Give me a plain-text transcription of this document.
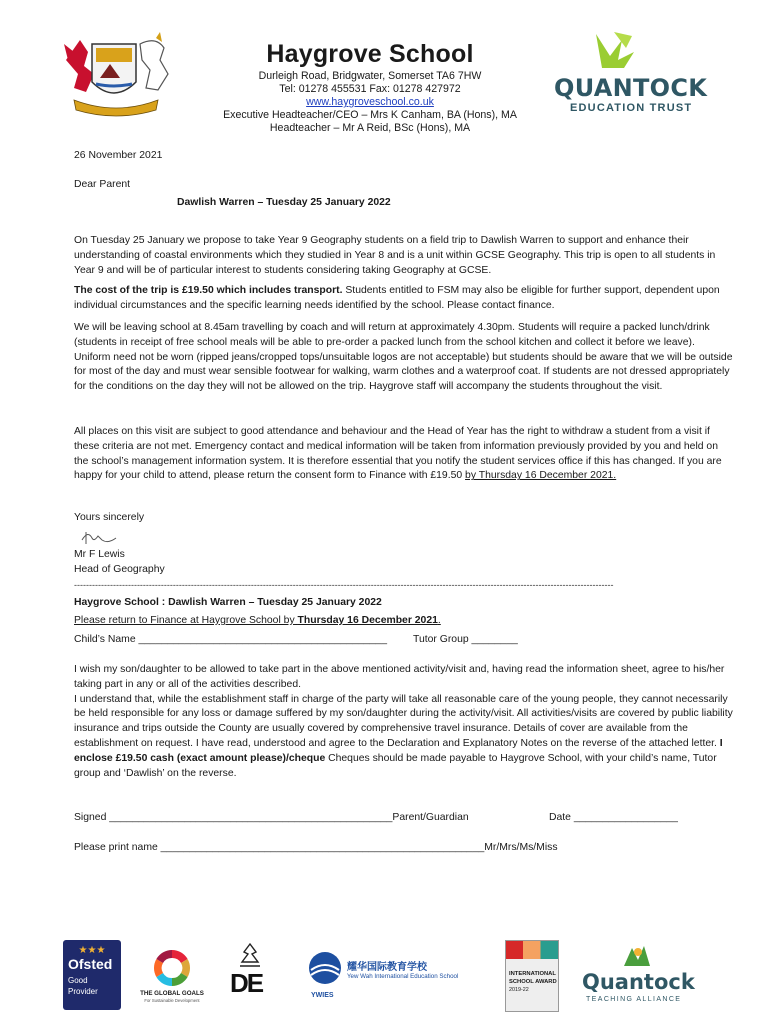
Haygrove School
Durleigh Road, Bridgwater, Somerset TA6 7HW
Tel: 01278 455531 Fax: 01278 427972
www.haygroveschool.co.uk
Executive Headteacher/CEO – Mrs K Canham, BA (Hons), MA
Headteacher – Mr A Reid, BSc (Hons), MA
QUANTOCK
EDUCATION TRUST
26 November 2021
Dear Parent
Dawlish Warren – Tuesday 25 January 2022

On Tuesday 25 January we propose to take Year 9 Geography students on a field trip to Dawlish Warren to support and enhance their understanding of coastal environments which they studied in Year 8 and is a unit within GCSE Geography. This trip is open to all students in Year 9 and will be of particular interest to students considering taking Geography at GCSE.

The cost of the trip is £19.50 which includes transport. Students entitled to FSM may also be eligible for further support, dependent upon individual circumstances and the specific learning needs identified by the school. Please contact finance.

We will be leaving school at 8.45am travelling by coach and will return at approximately 4.30pm. Students will require a packed lunch/drink (students in receipt of free school meals will be able to pre-order a packed lunch from the school kitchen and collect it before we leave). Uniform need not be worn (ripped jeans/cropped tops/unsuitable logos are not acceptable) but students should be aware that we will be outside for most of the day and must wear sensible footwear for walking, warm clothes and a waterproof coat. If students are not dressed appropriately for the conditions on the day they will not be allowed on the trip. Haygrove staff will accompany the students throughout the visit.

All places on this visit are subject to good attendance and behaviour and the Head of Year has the right to withdraw a student from a visit if these criteria are not met. Emergency contact and medical information will be taken from information previously provided by you and held on the school’s management information system. It is therefore essential that you notify the student services office if this has changed. If you are happy for your child to attend, please return the consent form to Finance with £19.50 by Thursday 16 December 2021.

Yours sincerely
Mr F Lewis
Head of Geography
------------------------------------------------------------------------------------------------------------------------------------------------------------------------------------
Haygrove School : Dawlish Warren – Tuesday 25 January 2022
Please return to Finance at Haygrove School by Thursday 16 December 2021.
Child’s Name ___________________________________________	Tutor Group ________

I wish my son/daughter to be allowed to take part in the above mentioned activity/visit and, having read the information sheet, agree to his/her taking part in any or all of the activities described.

I understand that, while the establishment staff in charge of the party will take all reasonable care of the young people, they cannot necessarily be held responsible for any loss or damage suffered by my son/daughter during the activity/visit. All activities/visits are covered by public liability insurance and trips outside the County are usually covered by comprehensive travel insurance. Details of cover are available from the establishment on request. I have read, understood and agree to the Declaration and Explanatory Notes on the reverse of the attached letter. I enclose £19.50 cash (exact amount please)/cheque Cheques should be made payable to Haygrove School, with your child’s name, Tutor group and ‘Dawlish’ on the reverse.

Signed _________________________________________________Parent/Guardian	Date __________________
Please print name ________________________________________________________Mr/Mrs/Ms/Miss
★★★
Ofsted
Good
Provider	THE GLOBAL GOALS
For Sustainable Development
DE
耀华国际教育学校
Yew Wah International Education School
YWIES
INTERNATIONAL
SCHOOL AWARD
2019-22	Quantock
TEACHING ALLIANCE
